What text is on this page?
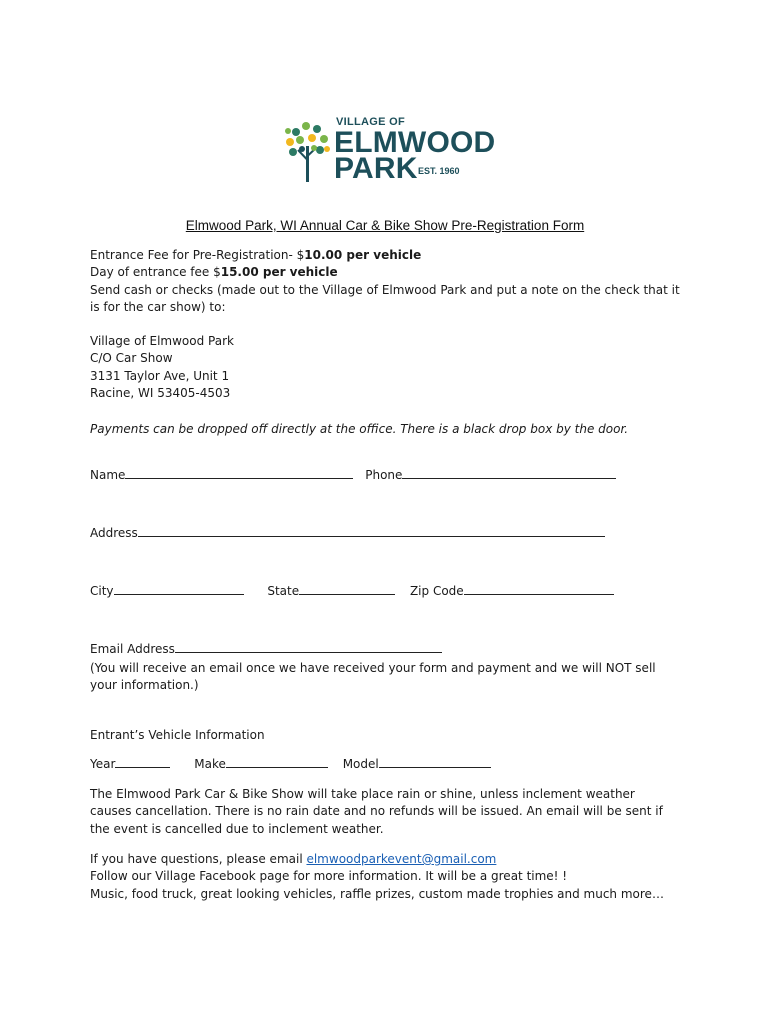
VILLAGE OF
ELMWOOD
PARK EST. 1960
Elmwood Park, WI Annual Car & Bike Show Pre-Registration Form
Entrance Fee for Pre-Registration- $10.00 per vehicle
Day of entrance fee $15.00 per vehicle
Send cash or checks (made out to the Village of Elmwood Park and put a note on the check that it is for the car show) to:
Village of Elmwood Park
C/O Car Show
3131 Taylor Ave, Unit 1
Racine, WI 53405-4503
Payments can be dropped off directly at the office. There is a black drop box by the door.
Name	Phone
Address
City	State	Zip Code
Email Address
(You will receive an email once we have received your form and payment and we will NOT sell your information.)
Entrant’s Vehicle Information
Year	Make	Model
The Elmwood Park Car & Bike Show will take place rain or shine, unless inclement weather causes cancellation. There is no rain date and no refunds will be issued. An email will be sent if the event is cancelled due to inclement weather.
If you have questions, please email elmwoodparkevent@gmail.com
Follow our Village Facebook page for more information. It will be a great time! !
Music, food truck, great looking vehicles, raffle prizes, custom made trophies and much more…
